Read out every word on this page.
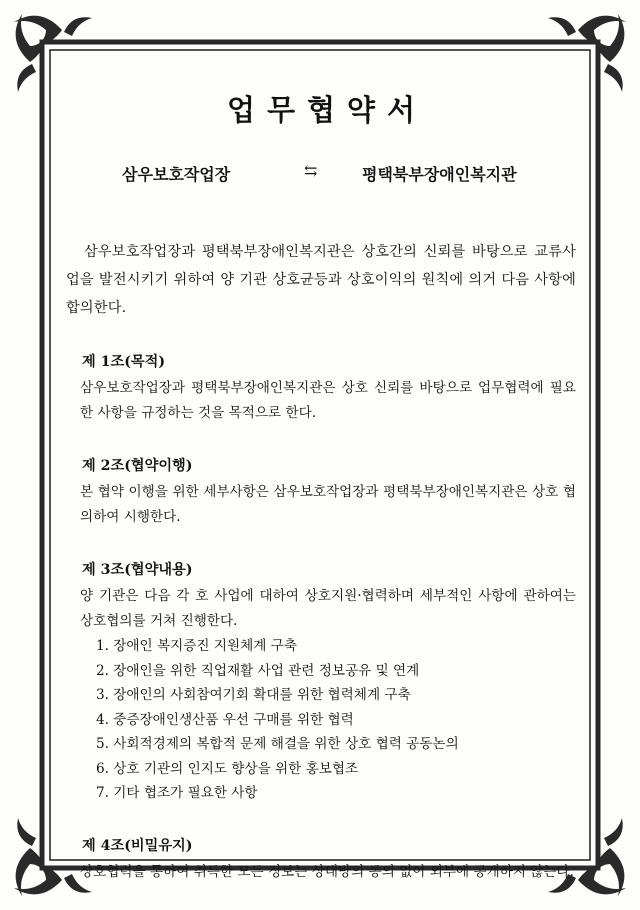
업무협약서
삼우보호작업장	⇆	평택북부장애인복지관

삼우보호작업장과 평택북부장애인복지관은 상호간의 신뢰를 바탕으로 교류사업을 발전시키기 위하여 양 기관 상호균등과 상호이익의 원칙에 의거 다음 사항에 합의한다.

제 1조(목적)

삼우보호작업장과 평택북부장애인복지관은 상호 신뢰를 바탕으로 업무협력에 필요한 사항을 규정하는 것을 목적으로 한다.

제 2조(협약이행)

본 협약 이행을 위한 세부사항은 삼우보호작업장과 평택북부장애인복지관은 상호 협의하여 시행한다.

제 3조(협약내용)

양 기관은 다음 각 호 사업에 대하여 상호지원·협력하며 세부적인 사항에 관하여는 상호협의를 거쳐 진행한다.

1. 장애인 복지증진 지원체계 구축
2. 장애인을 위한 직업재활 사업 관련 정보공유 및 연계
3. 장애인의 사회참여기회 확대를 위한 협력체계 구축
4. 중증장애인생산품 우선 구매를 위한 협력
5. 사회적경제의 복합적 문제 해결을 위한 상호 협력 공동논의
6. 상호 기관의 인지도 향상을 위한 홍보협조
7. 기타 협조가 필요한 사항

제 4조(비밀유지)

상호협력을 통하여 취득한 모든 정보는 상대방의 동의 없이 외부에 공개하지 않는다.
